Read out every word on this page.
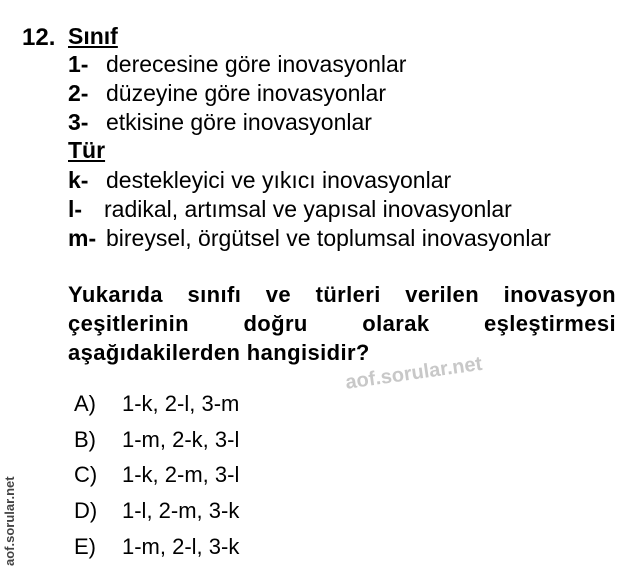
12. Sınıf
1- derecesine göre inovasyonlar
2- düzeyine göre inovasyonlar
3- etkisine göre inovasyonlar
Tür
k- destekleyici ve yıkıcı inovasyonlar
l- radikal, artımsal ve yapısal inovasyonlar
m- bireysel, örgütsel ve toplumsal inovasyonlar
Yukarıda sınıfı ve türleri verilen inovasyon
çeşitlerinin doğru olarak eşleştirmesi
aşağıdakilerden hangisidir?
A) 1-k, 2-l, 3-m
B) 1-m, 2-k, 3-l
C) 1-k, 2-m, 3-l
D) 1-l, 2-m, 3-k
E) 1-m, 2-l, 3-k
aof.sorular.net
aof.sorular.net
